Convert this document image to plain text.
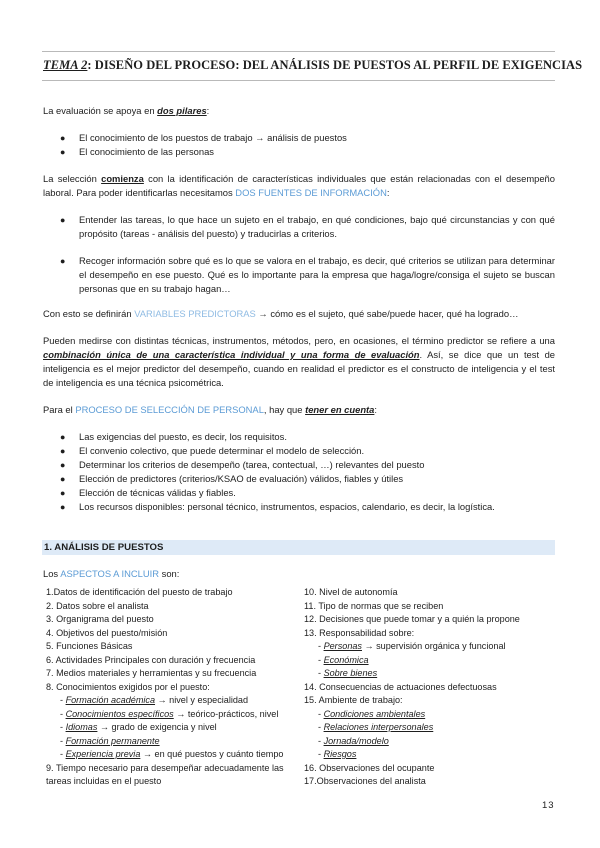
TEMA 2: DISEÑO DEL PROCESO: DEL ANÁLISIS DE PUESTOS AL PERFIL DE EXIGENCIAS
La evaluación se apoya en dos pilares:
● El conocimiento de los puestos de trabajo → análisis de puestos
● El conocimiento de las personas
La selección comienza con la identificación de características individuales que están relacionadas con el desempeño laboral. Para poder identificarlas necesitamos DOS FUENTES DE INFORMACIÓN:
● Entender las tareas, lo que hace un sujeto en el trabajo, en qué condiciones, bajo qué circunstancias y con qué propósito (tareas - análisis del puesto) y traducirlas a criterios.
● Recoger información sobre qué es lo que se valora en el trabajo, es decir, qué criterios se utilizan para determinar el desempeño en ese puesto. Qué es lo importante para la empresa que haga/logre/consiga el sujeto se buscan personas que en su trabajo hagan…
Con esto se definirán VARIABLES PREDICTORAS → cómo es el sujeto, qué sabe/puede hacer, qué ha logrado…
Pueden medirse con distintas técnicas, instrumentos, métodos, pero, en ocasiones, el término predictor se refiere a una combinación única de una característica individual y una forma de evaluación. Así, se dice que un test de inteligencia es el mejor predictor del desempeño, cuando en realidad el predictor es el constructo de inteligencia y el test de inteligencia es una técnica psicométrica.
Para el PROCESO DE SELECCIÓN DE PERSONAL, hay que tener en cuenta:
● Las exigencias del puesto, es decir, los requisitos.
● El convenio colectivo, que puede determinar el modelo de selección.
● Determinar los criterios de desempeño (tarea, contectual, …) relevantes del puesto
● Elección de predictores (criterios/KSAO de evaluación) válidos, fiables y útiles
● Elección de técnicas válidas y fiables.
● Los recursos disponibles: personal técnico, instrumentos, espacios, calendario, es decir, la logística.
1. ANÁLISIS DE PUESTOS
Los ASPECTOS A INCLUIR son:
1.Datos de identificación del puesto de trabajo
2. Datos sobre el analista
3. Organigrama del puesto
4. Objetivos del puesto/misión
5. Funciones Básicas
6. Actividades Principales con duración y frecuencia
7. Medios materiales y herramientas y su frecuencia
8. Conocimientos exigidos por el puesto:
- Formación académica → nivel y especialidad
- Conocimientos específicos → teórico-prácticos, nivel
- Idiomas → grado de exigencia y nivel
- Formación permanente
- Experiencia previa → en qué puestos y cuánto tiempo
9. Tiempo necesario para desempeñar adecuadamente las
tareas incluidas en el puesto
10. Nivel de autonomía
11. Tipo de normas que se reciben
12. Decisiones que puede tomar y a quién la propone
13. Responsabilidad sobre:
- Personas → supervisión orgánica y funcional
- Económica
- Sobre bienes
14. Consecuencias de actuaciones defectuosas
15. Ambiente de trabajo:
- Condiciones ambientales
- Relaciones interpersonales
- Jornada/modelo
- Riesgos
16. Observaciones del ocupante
17.Observaciones del analista
13
